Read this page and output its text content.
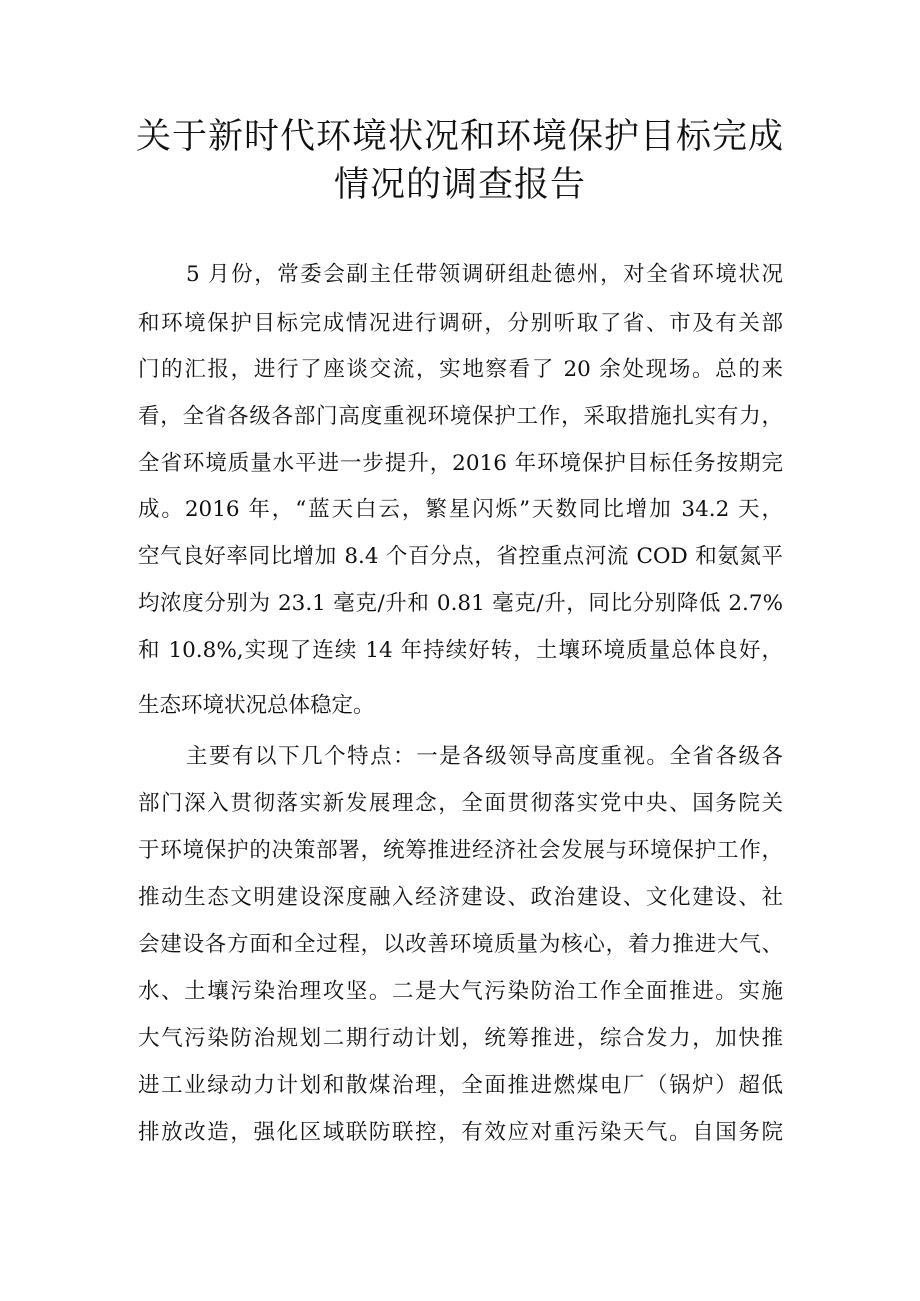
关于新时代环境状况和环境保护目标完成
情况的调查报告
5 月份，常委会副主任带领调研组赴德州，对全省环境状况
和环境保护目标完成情况进行调研，分别听取了省、市及有关部
门的汇报，进行了座谈交流，实地察看了 20 余处现场。总的来
看，全省各级各部门高度重视环境保护工作，采取措施扎实有力，
全省环境质量水平进一步提升，2016 年环境保护目标任务按期完
成。2016 年，“蓝天白云，繁星闪烁”天数同比增加 34.2 天，
空气良好率同比增加 8.4 个百分点，省控重点河流 COD 和氨氮平
均浓度分别为 23.1 毫克/升和 0.81 毫克/升，同比分别降低 2.7%
和 10.8%,实现了连续 14 年持续好转，土壤环境质量总体良好，
生态环境状况总体稳定。
主要有以下几个特点：一是各级领导高度重视。全省各级各
部门深入贯彻落实新发展理念，全面贯彻落实党中央、国务院关
于环境保护的决策部署，统筹推进经济社会发展与环境保护工作，
推动生态文明建设深度融入经济建设、政治建设、文化建设、社
会建设各方面和全过程，以改善环境质量为核心，着力推进大气、
水、土壤污染治理攻坚。二是大气污染防治工作全面推进。实施
大气污染防治规划二期行动计划，统筹推进，综合发力，加快推
进工业绿动力计划和散煤治理，全面推进燃煤电厂（锅炉）超低
排放改造，强化区域联防联控，有效应对重污染天气。自国务院
